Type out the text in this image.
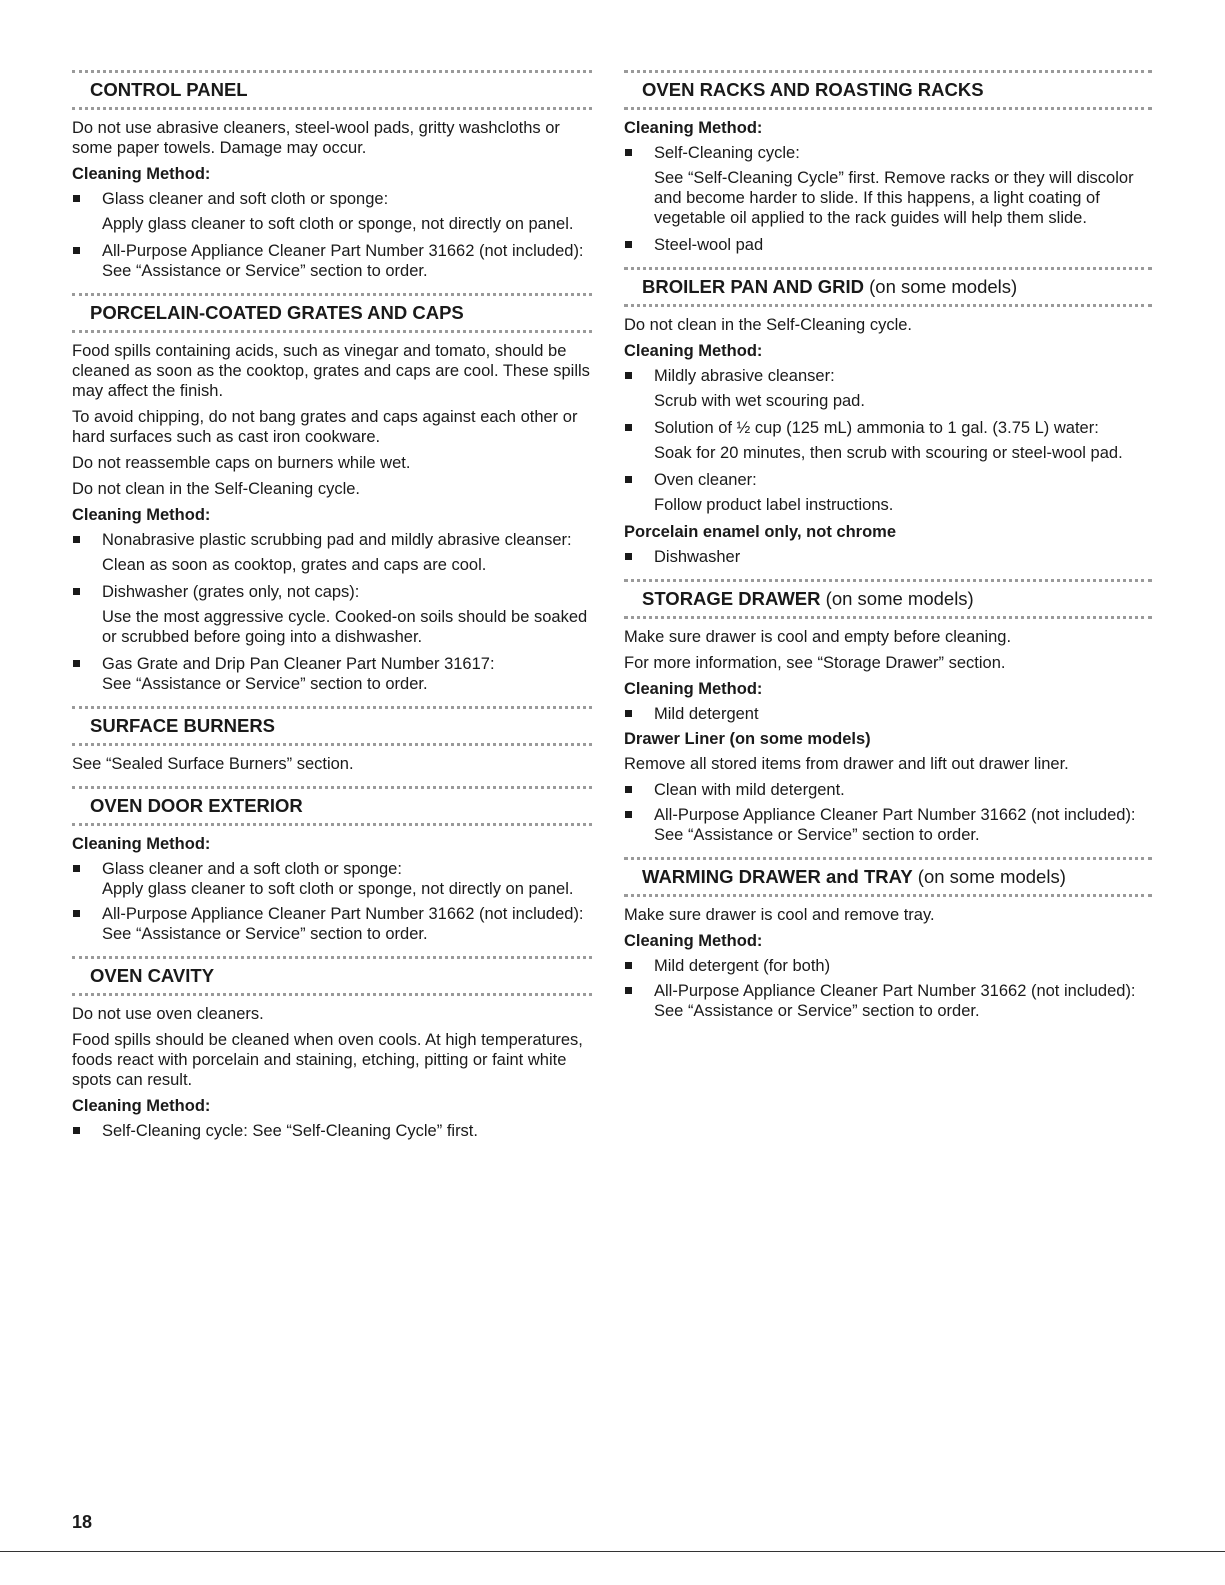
CONTROL PANEL

Do not use abrasive cleaners, steel-wool pads, gritty washcloths or some paper towels. Damage may occur.

Cleaning Method:
Glass cleaner and soft cloth or sponge:
Apply glass cleaner to soft cloth or sponge, not directly on panel.
All-Purpose Appliance Cleaner Part Number 31662 (not included):
See “Assistance or Service” section to order.
PORCELAIN-COATED GRATES AND CAPS

Food spills containing acids, such as vinegar and tomato, should be cleaned as soon as the cooktop, grates and caps are cool. These spills may affect the finish.

To avoid chipping, do not bang grates and caps against each other or hard surfaces such as cast iron cookware.

Do not reassemble caps on burners while wet.

Do not clean in the Self-Cleaning cycle.

Cleaning Method:
Nonabrasive plastic scrubbing pad and mildly abrasive cleanser:
Clean as soon as cooktop, grates and caps are cool.
Dishwasher (grates only, not caps):
Use the most aggressive cycle. Cooked-on soils should be soaked or scrubbed before going into a dishwasher.
Gas Grate and Drip Pan Cleaner Part Number 31617:
See “Assistance or Service” section to order.
SURFACE BURNERS

See “Sealed Surface Burners” section.

OVEN DOOR EXTERIOR
Cleaning Method:
Glass cleaner and a soft cloth or sponge:
Apply glass cleaner to soft cloth or sponge, not directly on panel.
All-Purpose Appliance Cleaner Part Number 31662 (not included):
See “Assistance or Service” section to order.
OVEN CAVITY

Do not use oven cleaners.

Food spills should be cleaned when oven cools. At high temperatures, foods react with porcelain and staining, etching, pitting or faint white spots can result.

Cleaning Method:
Self-Cleaning cycle: See “Self-Cleaning Cycle” first.
OVEN RACKS AND ROASTING RACKS
Cleaning Method:
Self-Cleaning cycle:
See “Self-Cleaning Cycle” first. Remove racks or they will discolor and become harder to slide. If this happens, a light coating of vegetable oil applied to the rack guides will help them slide.
Steel-wool pad
BROILER PAN AND GRID (on some models)

Do not clean in the Self-Cleaning cycle.

Cleaning Method:
Mildly abrasive cleanser:
Scrub with wet scouring pad.
Solution of ½ cup (125 mL) ammonia to 1 gal. (3.75 L) water:
Soak for 20 minutes, then scrub with scouring or steel-wool pad.
Oven cleaner:
Follow product label instructions.
Porcelain enamel only, not chrome
Dishwasher
STORAGE DRAWER (on some models)

Make sure drawer is cool and empty before cleaning.

For more information, see “Storage Drawer” section.

Cleaning Method:
Mild detergent
Drawer Liner (on some models)

Remove all stored items from drawer and lift out drawer liner.

Clean with mild detergent.
All-Purpose Appliance Cleaner Part Number 31662 (not included):
See “Assistance or Service” section to order.
WARMING DRAWER and TRAY (on some models)

Make sure drawer is cool and remove tray.

Cleaning Method:
Mild detergent (for both)
All-Purpose Appliance Cleaner Part Number 31662 (not included):
See “Assistance or Service” section to order.
18
